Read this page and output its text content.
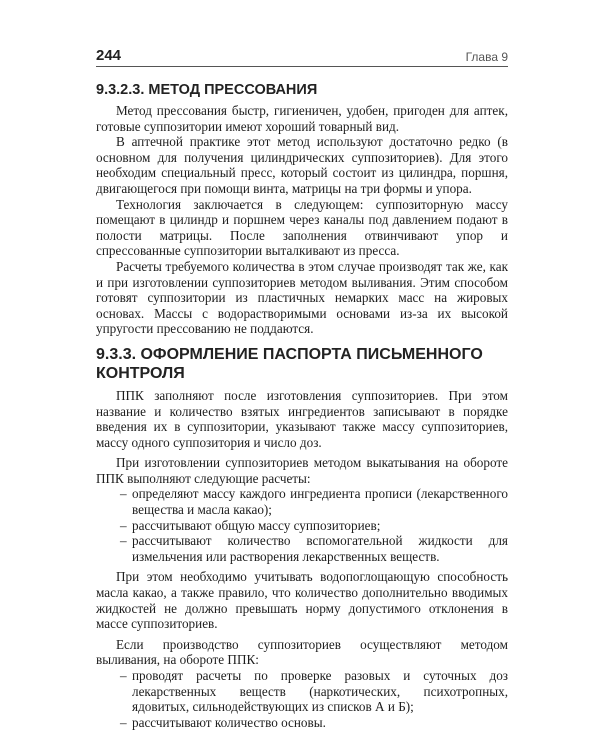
244	Глава 9
9.3.2.3. МЕТОД ПРЕССОВАНИЯ

Метод прессования быстр, гигиеничен, удобен, пригоден для аптек, готовые суппозитории имеют хороший товарный вид.

В аптечной практике этот метод используют достаточно редко (в основном для получения цилиндрических суппозиториев). Для этого необходим специальный пресс, который состоит из цилиндра, поршня, двигающегося при помощи винта, матрицы на три формы и упора.

Технология заключается в следующем: суппозиторную массу помещают в цилиндр и поршнем через каналы под давлением подают в полости матрицы. После заполнения отвинчивают упор и спрессованные суппозитории выталкивают из пресса.

Расчеты требуемого количества в этом случае производят так же, как и при изготовлении суппозиториев методом выливания. Этим способом готовят суппозитории из пластичных немарких масс на жировых основах. Массы с водорастворимыми основами из-за их высокой упругости прессованию не поддаются.

9.3.3. ОФОРМЛЕНИЕ ПАСПОРТА ПИСЬМЕННОГО КОНТРОЛЯ

ППК заполняют после изготовления суппозиториев. При этом название и количество взятых ингредиентов записывают в порядке введения их в суппозитории, указывают также массу суппозиториев, массу одного суппозитория и число доз.

При изготовлении суппозиториев методом выкатывания на обороте ППК выполняют следующие расчеты:

– определяют массу каждого ингредиента прописи (лекарственного вещества и масла какао);
– рассчитывают общую массу суппозиториев;
– рассчитывают количество вспомогательной жидкости для измельчения или растворения лекарственных веществ.

При этом необходимо учитывать водопоглощающую способность масла какао, а также правило, что количество дополнительно вводимых жидкостей не должно превышать норму допустимого отклонения в массе суппозиториев.

Если производство суппозиториев осуществляют методом выливания, на обороте ППК:

– проводят расчеты по проверке разовых и суточных доз лекарственных веществ (наркотических, психотропных, ядовитых, сильнодействующих из списков А и Б);
– рассчитывают количество основы.
